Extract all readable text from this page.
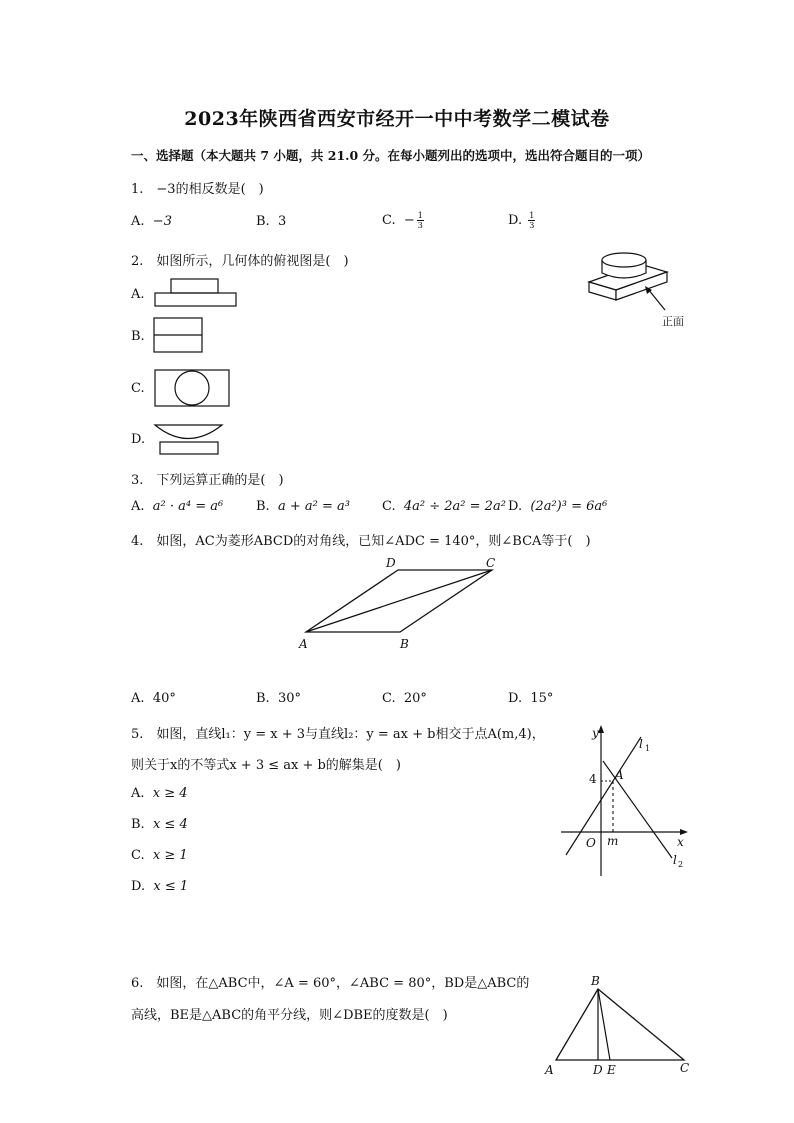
2023年陕西省西安市经开一中中考数学二模试卷
一、选择题（本大题共 7 小题，共 21.0 分。在每小题列出的选项中，选出符合题目的一项）
1.　−3的相反数是(　)
A. −3	B. 3	C. − $\frac{1}{3}$	D. $\frac{1}{3}$
2.　如图所示，几何体的俯视图是(　)
A.
B.
C.
D.
正面
3.　下列运算正确的是(　)
A. a² · a⁴ = a⁶	B. a + a² = a³ C. 4a² ÷ 2a² = 2a² D. (2a²)³ = 6a⁶
4.　如图，AC为菱形ABCD的对角线，已知∠ADC = 140°，则∠BCA等于(　)
A	B
C
D
A. 40°	B. 30°	C. 20°	D. 15°
5.　如图，直线l₁：y = x + 3与直线l₂：y = ax + b相交于点A(m,4)，
则关于x的不等式x + 3 ≤ ax + b的解集是(　)
A. x ≥ 4
B. x ≤ 4
C. x ≥ 1
D. x ≤ 1
y
x
O m
4 A
l 1
l 2
6.　如图，在△ABC中，∠A = 60°，∠ABC = 80°，BD是△ABC的
高线，BE是△ABC的角平分线，则∠DBE的度数是(　)
B
A	D E	C
